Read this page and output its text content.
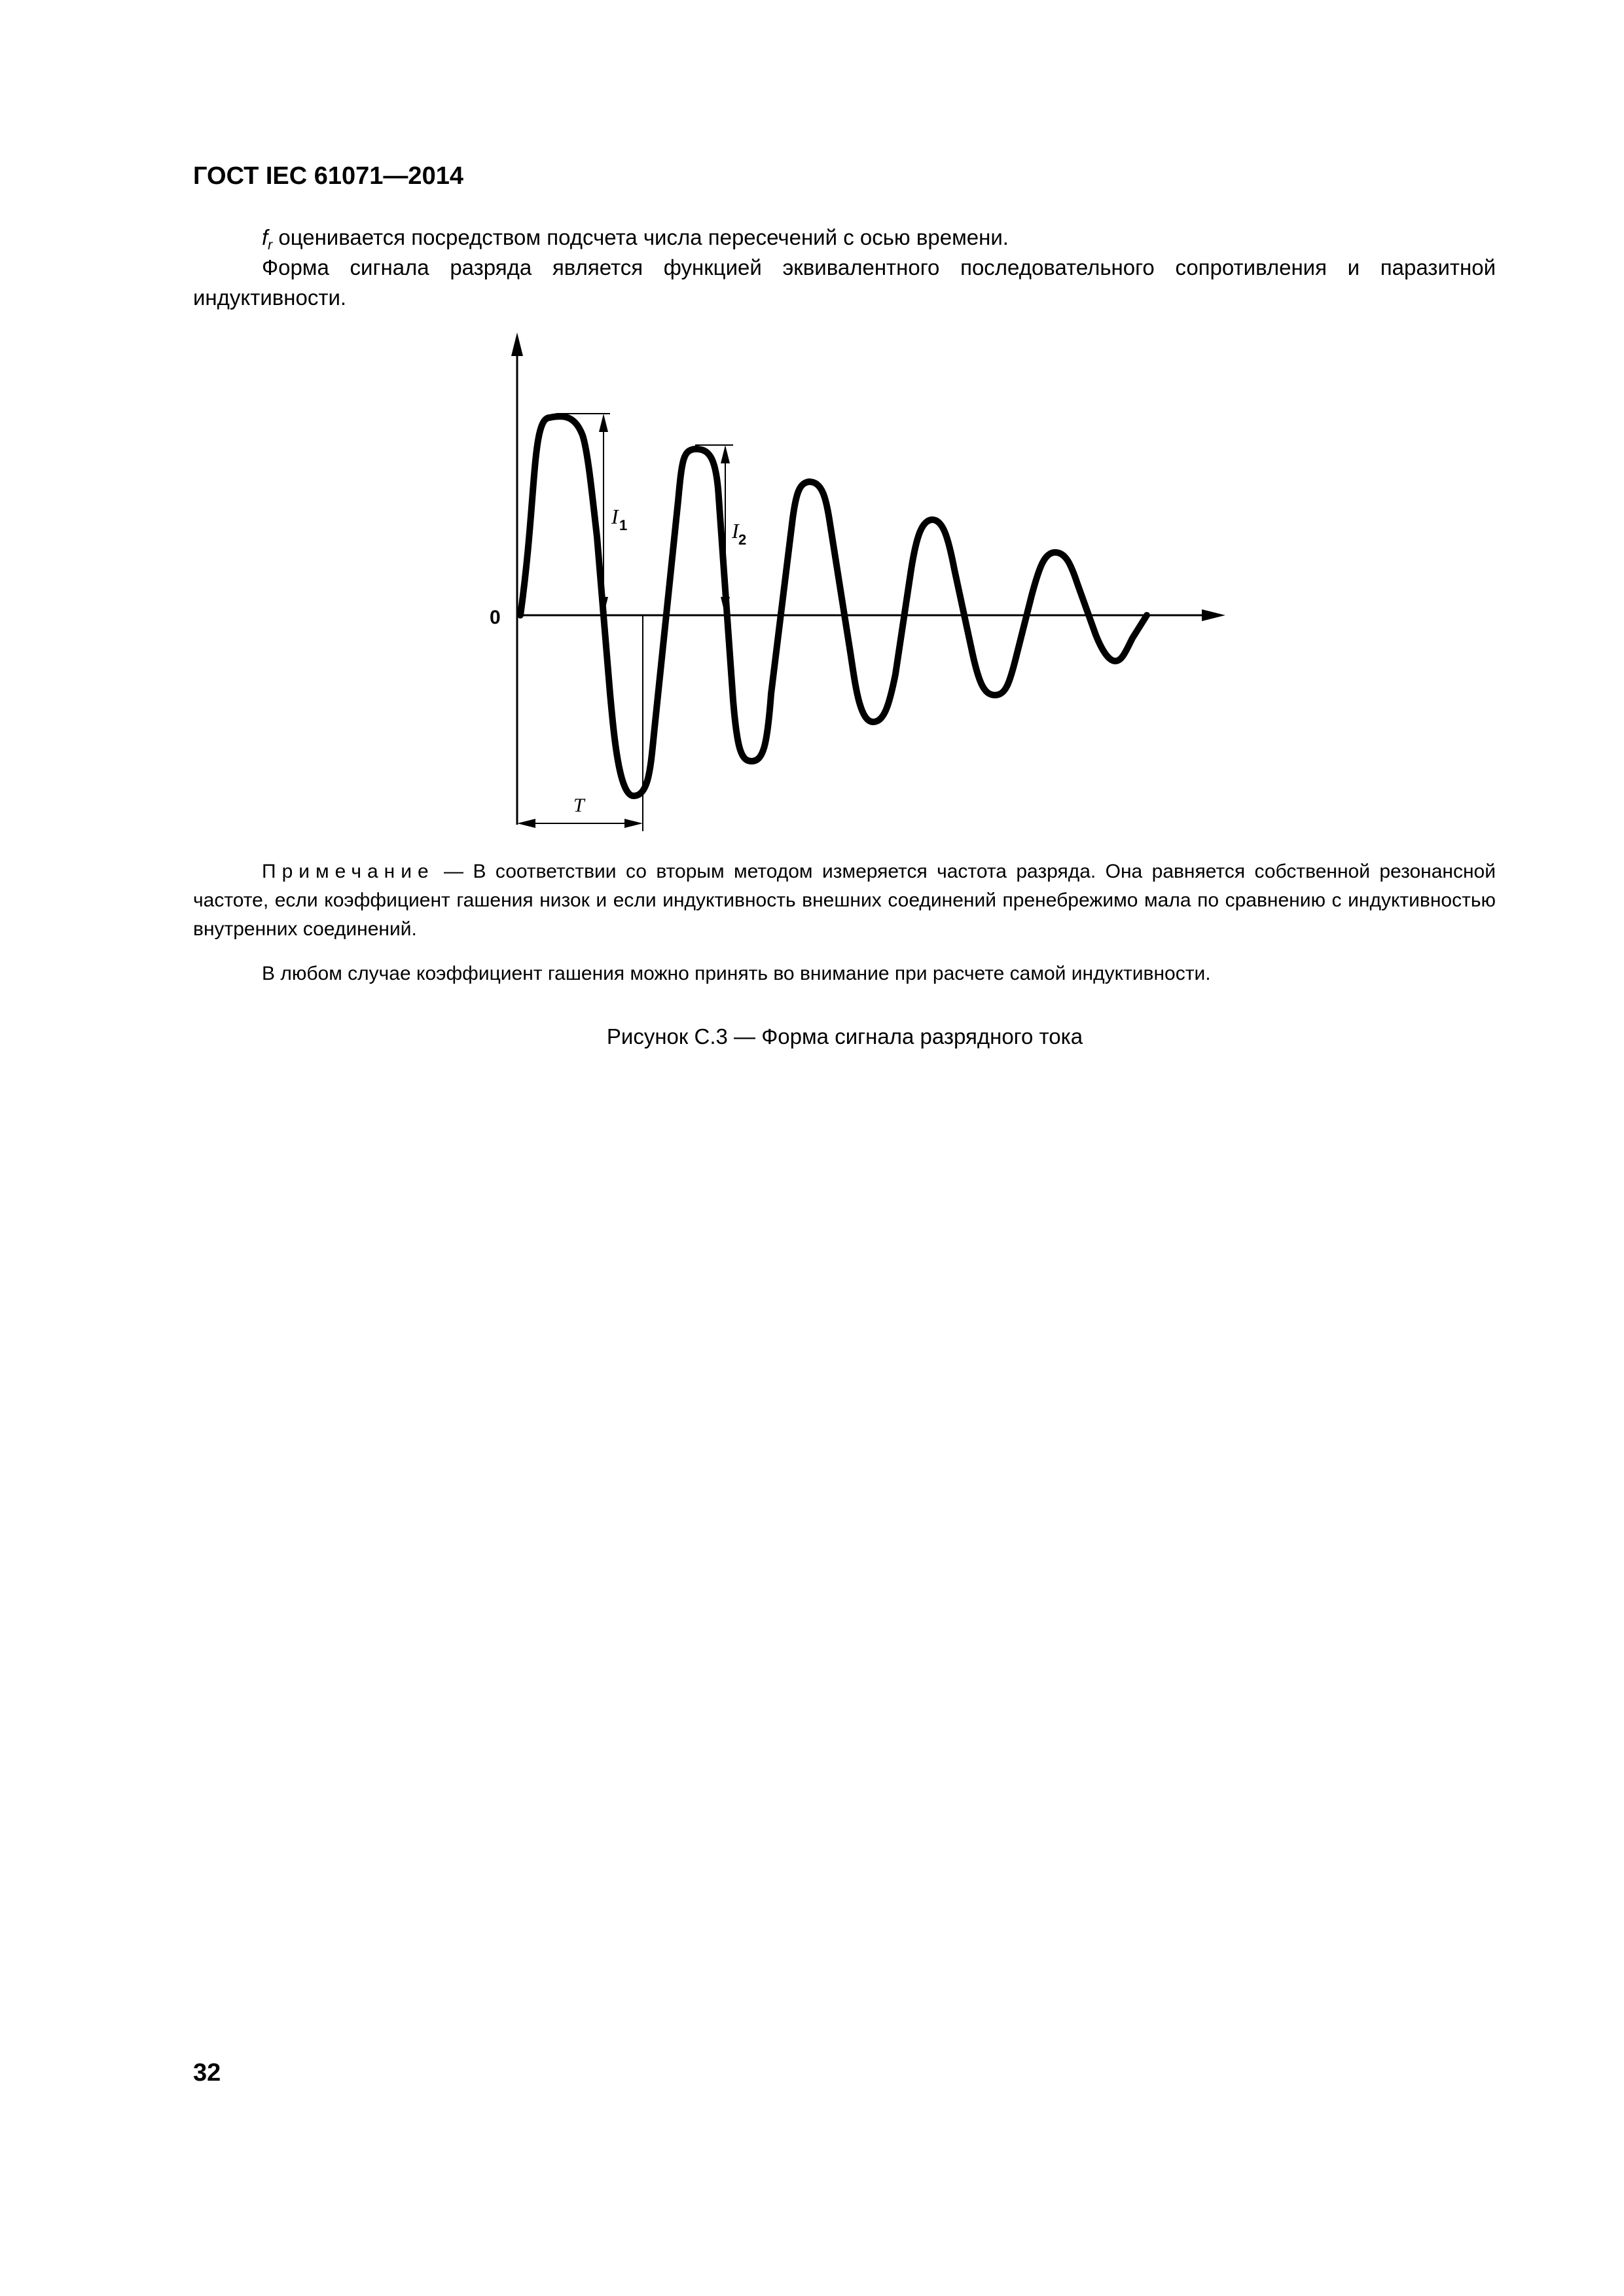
ГОСТ IEC 61071—2014
$f_r$ оценивается посредством подсчета числа пересечений с осью времени.
Форма сигнала разряда является функцией эквивалентного последовательного сопротивления и паразитной индуктивности.
0
I 1	I 2
T
Примечание — В соответствии со вторым методом измеряется частота разряда. Она равняется собственной резонансной частоте, если коэффициент гашения низок и если индуктивность внешних соединений пренебрежимо мала по сравнению с индуктивностью внутренних соединений.
В любом случае коэффициент гашения можно принять во внимание при расчете самой индуктивности.
Рисунок С.3 — Форма сигнала разрядного тока
32
